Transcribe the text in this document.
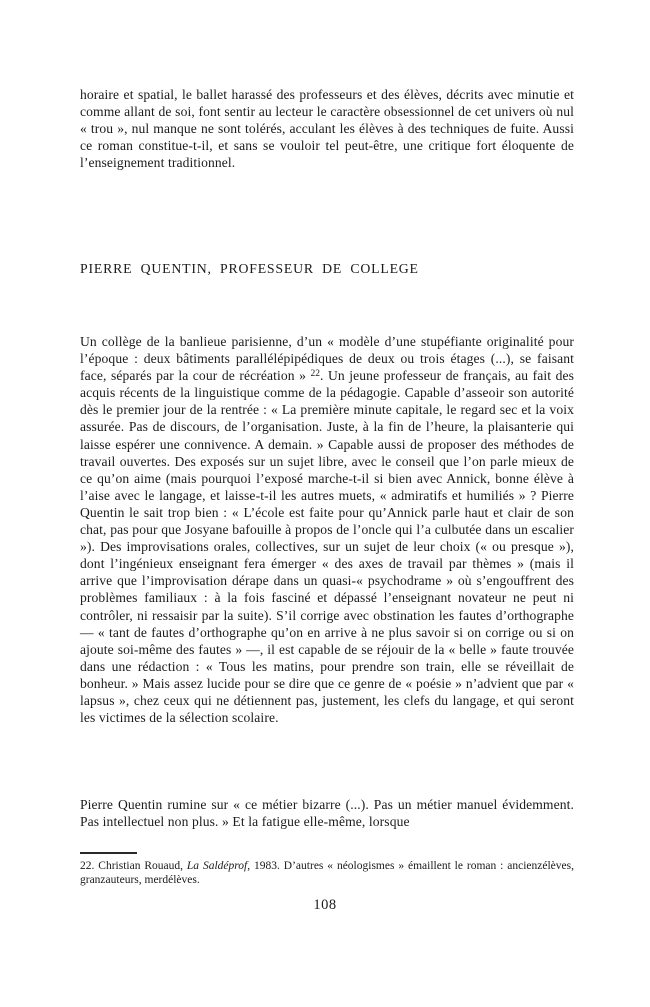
horaire et spatial, le ballet harassé des professeurs et des élèves, décrits avec minutie et comme allant de soi, font sentir au lecteur le caractère obsessionnel de cet univers où nul « trou », nul manque ne sont tolérés, acculant les élèves à des techniques de fuite. Aussi ce roman constitue-t-il, et sans se vouloir tel peut-être, une critique fort éloquente de l’enseignement traditionnel.

PIERRE QUENTIN, PROFESSEUR DE COLLEGE

Un collège de la banlieue parisienne, d’un « modèle d’une stupéfiante originalité pour l’époque : deux bâtiments parallélépipédiques de deux ou trois étages (...), se faisant face, séparés par la cour de récréation » $^{22}$. Un jeune professeur de français, au fait des acquis récents de la linguistique comme de la pédagogie. Capable d’asseoir son autorité dès le premier jour de la rentrée : « La première minute capitale, le regard sec et la voix assurée. Pas de discours, de l’organisation. Juste, à la fin de l’heure, la plaisanterie qui laisse espérer une connivence. A demain. » Capable aussi de proposer des méthodes de travail ouvertes. Des exposés sur un sujet libre, avec le conseil que l’on parle mieux de ce qu’on aime (mais pourquoi l’exposé marche-t-il si bien avec Annick, bonne élève à l’aise avec le langage, et laisse-t-il les autres muets, « admiratifs et humiliés » ? Pierre Quentin le sait trop bien : « L’école est faite pour qu’Annick parle haut et clair de son chat, pas pour que Josyane bafouille à propos de l’oncle qui l’a culbutée dans un escalier »). Des improvisations orales, collectives, sur un sujet de leur choix (« ou presque »), dont l’ingénieux enseignant fera émerger « des axes de travail par thèmes » (mais il arrive que l’improvisation dérape dans un quasi-« psychodrame » où s’engouffrent des problèmes familiaux : à la fois fasciné et dépassé l’enseignant novateur ne peut ni contrôler, ni ressaisir par la suite). S’il corrige avec obstination les fautes d’orthographe — « tant de fautes d’orthographe qu’on en arrive à ne plus savoir si on corrige ou si on ajoute soi-même des fautes » —, il est capable de se réjouir de la « belle » faute trouvée dans une rédaction : « Tous les matins, pour prendre son train, elle se réveillait de bonheur. » Mais assez lucide pour se dire que ce genre de « poésie » n’advient que par « lapsus », chez ceux qui ne détiennent pas, justement, les clefs du langage, et qui seront les victimes de la sélection scolaire.

Pierre Quentin rumine sur « ce métier bizarre (...). Pas un métier manuel évidemment. Pas intellectuel non plus. » Et la fatigue elle-même, lorsque

22. Christian Rouaud, La Saldéprof, 1983. D’autres « néologismes » émaillent le roman : ancienzélèves, granzauteurs, merdélèves.

108
